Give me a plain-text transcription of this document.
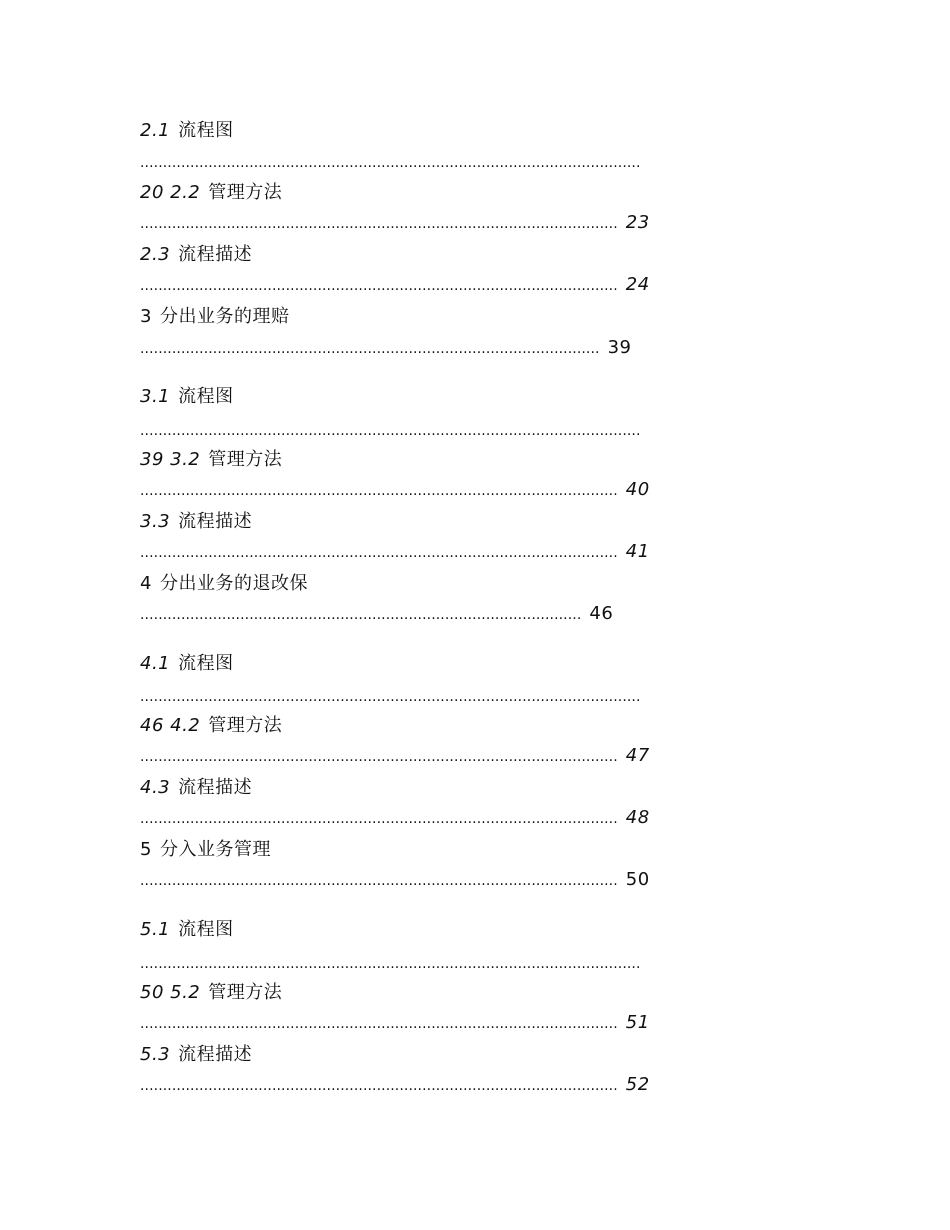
2.1 流程图
..............................................................................................................
20 2.2 管理方法
......................................................................................................... 23
2.3 流程描述
......................................................................................................... 24
3 分出业务的理赔
..................................................................................................... 39
3.1 流程图
..............................................................................................................
39 3.2 管理方法
......................................................................................................... 40
3.3 流程描述
......................................................................................................... 41
4 分出业务的退改保
................................................................................................. 46
4.1 流程图
..............................................................................................................
46 4.2 管理方法
......................................................................................................... 47
4.3 流程描述
......................................................................................................... 48
5 分入业务管理
......................................................................................................... 50
5.1 流程图
..............................................................................................................
50 5.2 管理方法
......................................................................................................... 51
5.3 流程描述
......................................................................................................... 52
